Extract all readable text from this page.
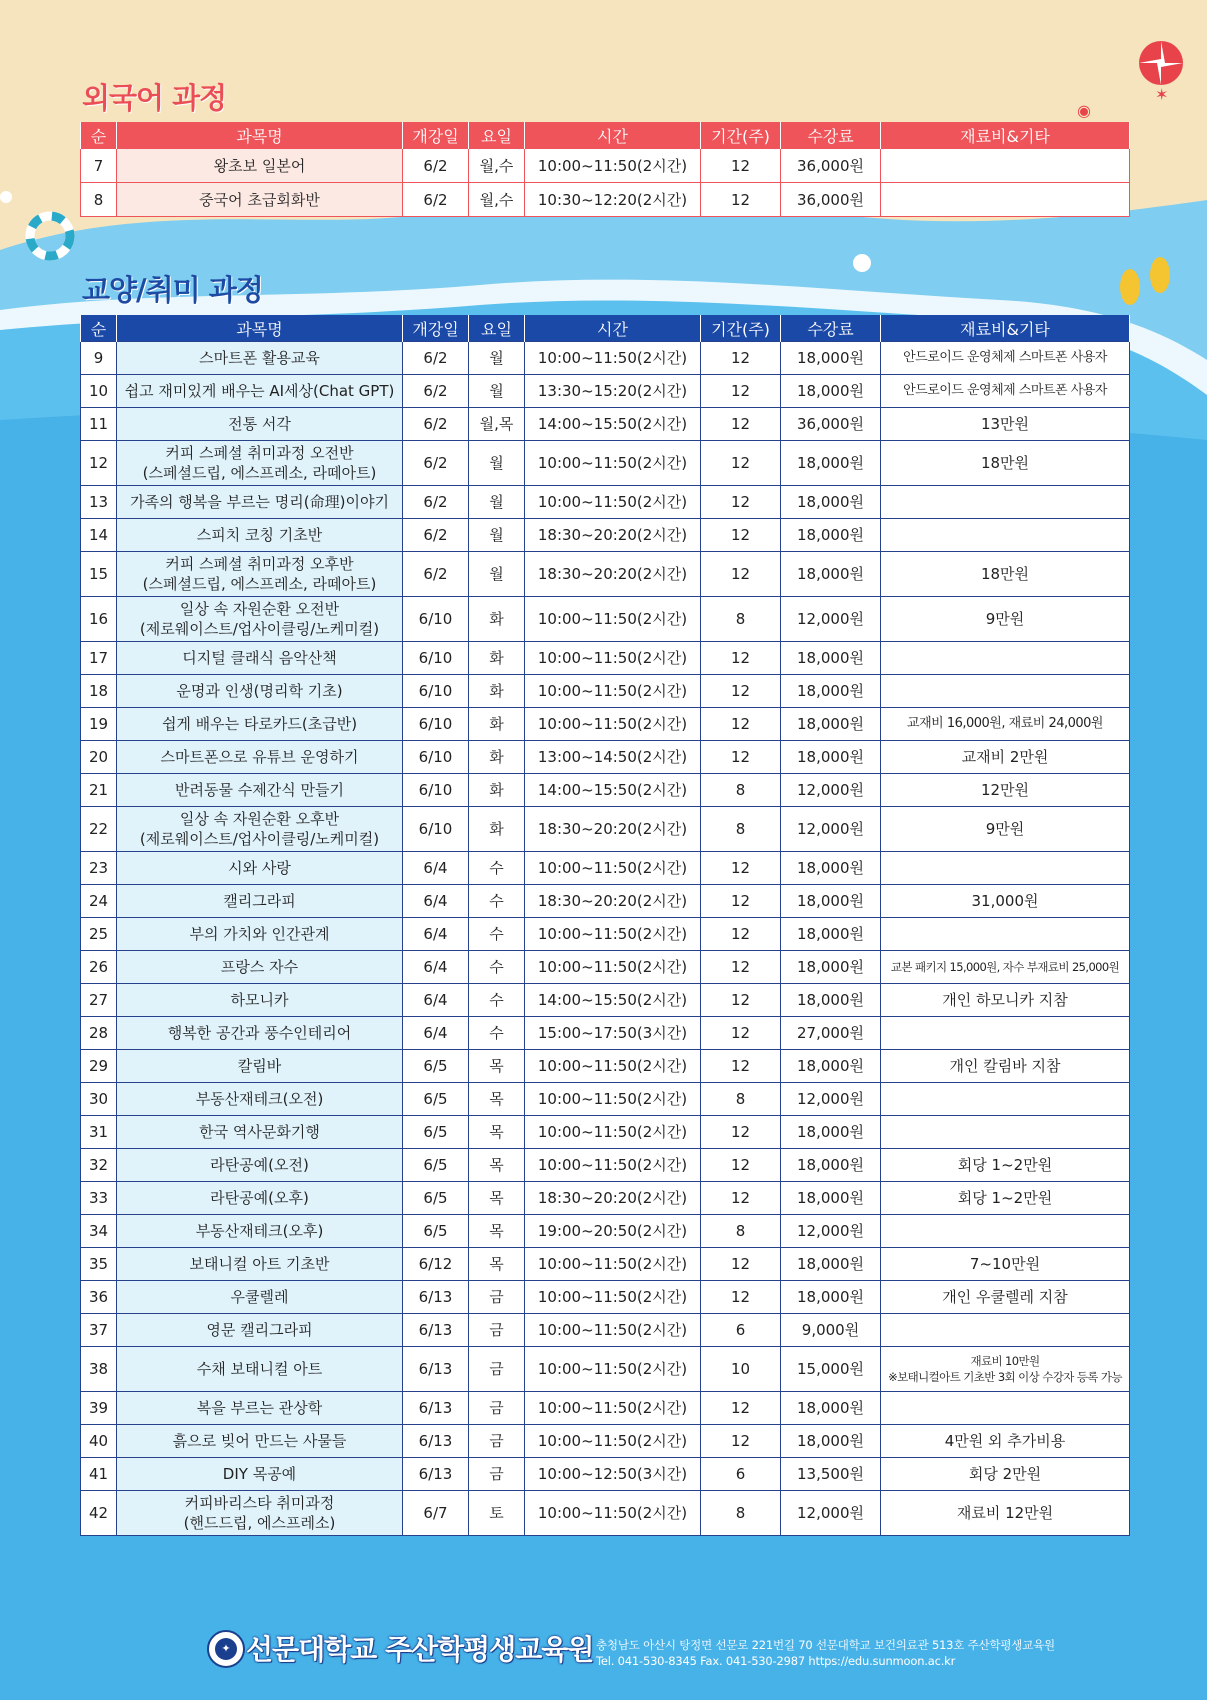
✶
◉
외국어 과정
순	과목명	개강일	요일	시간	기간(주)	수강료	재료비&기타
7	왕초보 일본어	6/2	월,수	10:00~11:50(2시간)	12	36,000원	
8	중국어 초급회화반	6/2	월,수	10:30~12:20(2시간)	12	36,000원	
교양/취미 과정
순	과목명	개강일	요일	시간	기간(주)	수강료	재료비&기타
9	스마트폰 활용교육	6/2	월	10:00~11:50(2시간)	12	18,000원	안드로이드 운영체제 스마트폰 사용자
10	쉽고 재미있게 배우는 AI세상(Chat GPT)	6/2	월	13:30~15:20(2시간)	12	18,000원	안드로이드 운영체제 스마트폰 사용자
11	전통 서각	6/2	월,목	14:00~15:50(2시간)	12	36,000원	13만원
12	커피 스페셜 취미과정 오전반
(스페셜드립, 에스프레소, 라떼아트)	6/2	월	10:00~11:50(2시간)	12	18,000원	18만원
13	가족의 행복을 부르는 명리(命理)이야기	6/2	월	10:00~11:50(2시간)	12	18,000원	
14	스피치 코칭 기초반	6/2	월	18:30~20:20(2시간)	12	18,000원	
15	커피 스페셜 취미과정 오후반
(스페셜드립, 에스프레소, 라떼아트)	6/2	월	18:30~20:20(2시간)	12	18,000원	18만원
16	일상 속 자원순환 오전반
(제로웨이스트/업사이클링/노케미컬)	6/10	화	10:00~11:50(2시간)	8	12,000원	9만원
17	디지털 클래식 음악산책	6/10	화	10:00~11:50(2시간)	12	18,000원	
18	운명과 인생(명리학 기초)	6/10	화	10:00~11:50(2시간)	12	18,000원	
19	쉽게 배우는 타로카드(초급반)	6/10	화	10:00~11:50(2시간)	12	18,000원	교재비 16,000원, 재료비 24,000원
20	스마트폰으로 유튜브 운영하기	6/10	화	13:00~14:50(2시간)	12	18,000원	교재비 2만원
21	반려동물 수제간식 만들기	6/10	화	14:00~15:50(2시간)	8	12,000원	12만원
22	일상 속 자원순환 오후반
(제로웨이스트/업사이클링/노케미컬)	6/10	화	18:30~20:20(2시간)	8	12,000원	9만원
23	시와 사랑	6/4	수	10:00~11:50(2시간)	12	18,000원	
24	캘리그라피	6/4	수	18:30~20:20(2시간)	12	18,000원	31,000원
25	부의 가치와 인간관계	6/4	수	10:00~11:50(2시간)	12	18,000원	
26	프랑스 자수	6/4	수	10:00~11:50(2시간)	12	18,000원	교본 패키지 15,000원, 자수 부재료비 25,000원
27	하모니카	6/4	수	14:00~15:50(2시간)	12	18,000원	개인 하모니카 지참
28	행복한 공간과 풍수인테리어	6/4	수	15:00~17:50(3시간)	12	27,000원	
29	칼림바	6/5	목	10:00~11:50(2시간)	12	18,000원	개인 칼림바 지참
30	부동산재테크(오전)	6/5	목	10:00~11:50(2시간)	8	12,000원	
31	한국 역사문화기행	6/5	목	10:00~11:50(2시간)	12	18,000원	
32	라탄공예(오전)	6/5	목	10:00~11:50(2시간)	12	18,000원	회당 1~2만원
33	라탄공예(오후)	6/5	목	18:30~20:20(2시간)	12	18,000원	회당 1~2만원
34	부동산재테크(오후)	6/5	목	19:00~20:50(2시간)	8	12,000원	
35	보태니컬 아트 기초반	6/12	목	10:00~11:50(2시간)	12	18,000원	7~10만원
36	우쿨렐레	6/13	금	10:00~11:50(2시간)	12	18,000원	개인 우쿨렐레 지참
37	영문 캘리그라피	6/13	금	10:00~11:50(2시간)	6	9,000원	
38	수채 보태니컬 아트	6/13	금	10:00~11:50(2시간)	10	15,000원	재료비 10만원
※보태니컬아트 기초반 3회 이상 수강자 등록 가능
39	복을 부르는 관상학	6/13	금	10:00~11:50(2시간)	12	18,000원	
40	흙으로 빚어 만드는 사물들	6/13	금	10:00~11:50(2시간)	12	18,000원	4만원 외 추가비용
41	DIY 목공예	6/13	금	10:00~12:50(3시간)	6	13,500원	회당 2만원
42	커피바리스타 취미과정
(핸드드립, 에스프레소)	6/7	토	10:00~11:50(2시간)	8	12,000원	재료비 12만원
✦ 선문대학교 주산학평생교육원 충청남도 아산시 탕정면 선문로 221번길 70 선문대학교 보건의료관 513호 주산학평생교육원
Tel. 041-530-8345 Fax. 041-530-2987 https://edu.sunmoon.ac.kr
